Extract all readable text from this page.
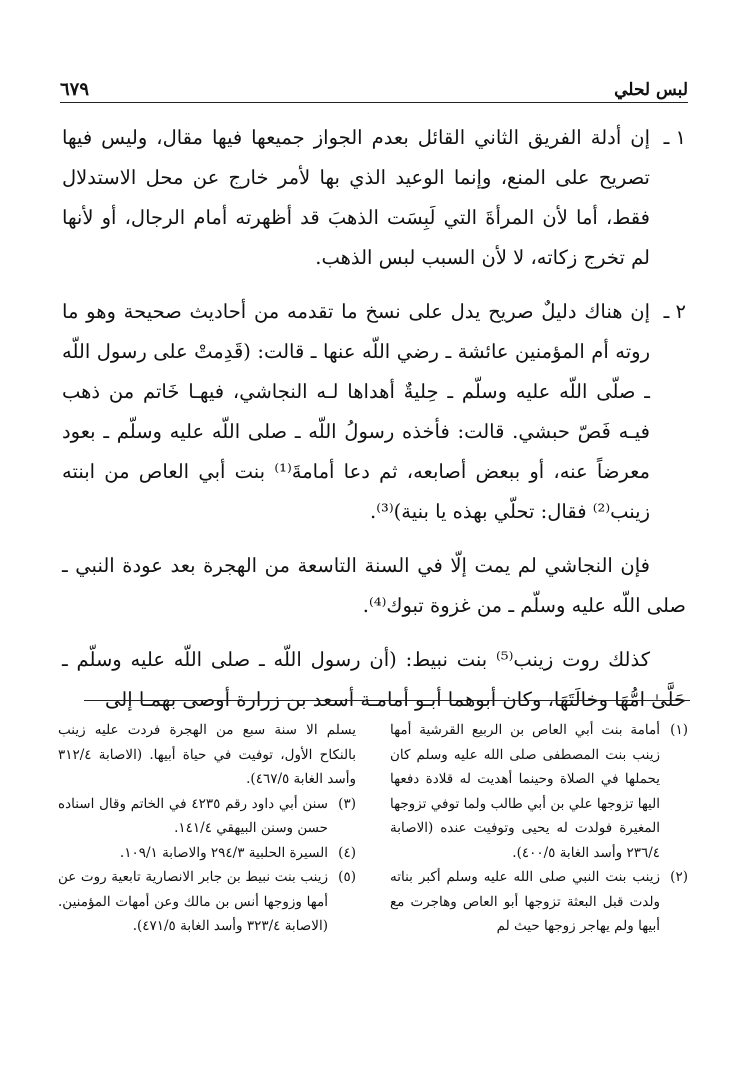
لبس لحلي
٦٧٩
١ ـ
إن أدلة الفريق الثاني القائل بعدم الجواز جميعها فيها مقال، وليس فيها تصريح على المنع، وإنما الوعيد الذي بها لأمر خارج عن محل الاستدلال فقط، أما لأن المرأةَ التي لَبِسَت الذهبَ قد أظهرته أمام الرجال، أو لأنها لم تخرج زكاته، لا لأن السبب لبس الذهب.
٢ ـ
إن هناك دليلٌ صريح يدل على نسخ ما تقدمه من أحاديث صحيحة وهو ما روته أم المؤمنين عائشة ـ رضي اللّه عنها ـ قالت: (قَدِمتْ على رسول اللّه ـ صلّى اللّه عليه وسلّم ـ حِليةٌ أهداها لـه النجاشي، فيهـا خَاتم من ذهب فيـه فَصّ حبشي. قالت: فأخذه رسولُ اللّه ـ صلى اللّه عليه وسلّم ـ بعود معرضاً عنه، أو ببعض أصابعه، ثم دعا أمامةَ⁽¹⁾ بنت أبي العاص من ابنته زينب⁽²⁾ فقال: تحلّي بهذه يا بنية)⁽³⁾.

فإن النجاشي لم يمت إلّا في السنة التاسعة من الهجرة بعد عودة النبي ـ صلى اللّه عليه وسلّم ـ من غزوة تبوك⁽⁴⁾.

كذلك روت زينب⁽⁵⁾ بنت نبيط: (أن رسول اللّه ـ صلى اللّه عليه وسلّم ـ حَلَّىٰ امُّهَا وخالَتَهَا، وكان أبوهما أبـو أمامـة أسعد بن زرارة أوصى بهمـا إلى

(١)
أمامة بنت أبي العاص بن الربيع القرشية أمها زينب بنت المصطفى صلى الله عليه وسلم كان يحملها في الصلاة وحينما أهديت له قلادة دفعها اليها تزوجها علي بن أبي طالب ولما توفي تزوجها المغيرة فولدت له يحيى وتوفيت عنده (الاصابة ٢٣٦/٤ وأسد الغابة ٤٠٠/٥).
(٢)
زينب بنت النبي صلى الله عليه وسلم أكبر بناته ولدت قبل البعثة تزوجها أبو العاص وهاجرت مع أبيها ولم يهاجر زوجها حيث لم

يسلم الا سنة سبع من الهجرة فردت عليه زينب بالنكاح الأول، توفيت في حياة أبيها. (الاصابة ٣١٢/٤ وأسد الغابة ٤٦٧/٥).

(٣)
سنن أبي داود رقم ٤٢٣٥ في الخاتم وقال اسناده حسن وسنن البيهقي ١٤١/٤.
(٤)
السيرة الحلبية ٢٩٤/٣ والاصابة ١٠٩/١.
(٥)
زينب بنت نبيط بن جابر الانصارية تابعية روت عن أمها وزوجها أنس بن مالك وعن أمهات المؤمنين. (الاصابة ٣٢٣/٤ وأسد الغابة ٤٧١/٥).
